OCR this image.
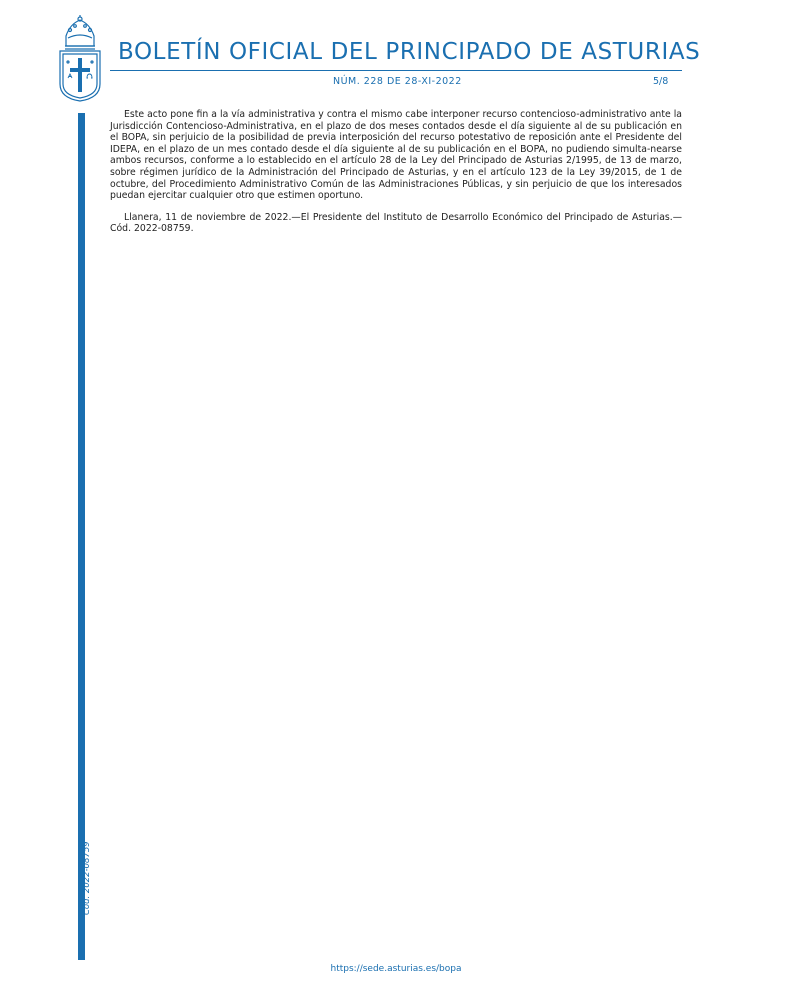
BOLETÍN OFICIAL DEL PRINCIPADO DE ASTURIAS
NÚM. 228 DE 28-XI-2022	5/8
Cód. 2022-08759

Este acto pone fin a la vía administrativa y contra el mismo cabe interponer recurso contencioso-administrativo ante la Jurisdicción Contencioso-Administrativa, en el plazo de dos meses contados desde el día siguiente al de su publicación en el BOPA, sin perjuicio de la posibilidad de previa interposición del recurso potestativo de reposición ante el Presidente del IDEPA, en el plazo de un mes contado desde el día siguiente al de su publicación en el BOPA, no pudiendo simulta-nearse ambos recursos, conforme a lo establecido en el artículo 28 de la Ley del Principado de Asturias 2/1995, de 13 de marzo, sobre régimen jurídico de la Administración del Principado de Asturias, y en el artículo 123 de la Ley 39/2015, de 1 de octubre, del Procedimiento Administrativo Común de las Administraciones Públicas, y sin perjuicio de que los interesados puedan ejercitar cualquier otro que estimen oportuno.

Llanera, 11 de noviembre de 2022.—El Presidente del Instituto de Desarrollo Económico del Principado de Asturias.—Cód. 2022-08759.

https://sede.asturias.es/bopa
